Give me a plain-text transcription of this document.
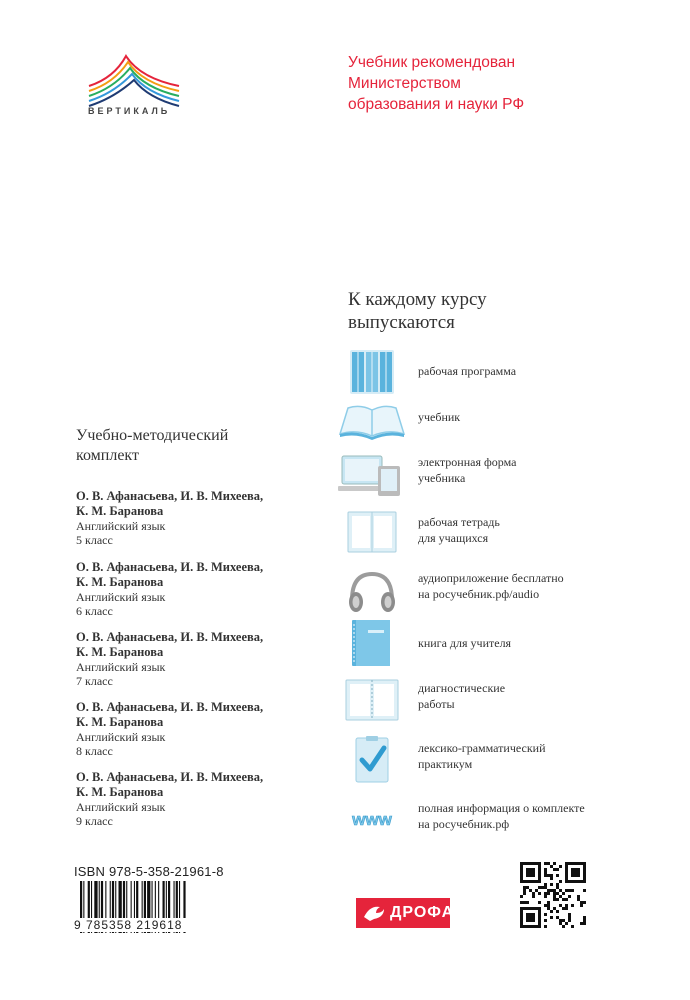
ВЕРТИКАЛЬ
Учебник рекомендован
Министерством
образования и науки РФ
К каждому курсу
выпускаются
рабочая программа
учебник
электронная форма
учебника
рабочая тетрадь
для учащихся
аудиоприложение бесплатно
на росучебник.рф/audio
книга для учителя
диагностические
работы
лексико-грамматический
практикум
www
полная информация о комплекте
на росучебник.рф
Учебно-методический
комплект
О. В. Афанасьева, И. В. Михеева,
К. М. Баранова
Английский язык
5 класс
О. В. Афанасьева, И. В. Михеева,
К. М. Баранова
Английский язык
6 класс
О. В. Афанасьева, И. В. Михеева,
К. М. Баранова
Английский язык
7 класс
О. В. Афанасьева, И. В. Михеева,
К. М. Баранова
Английский язык
8 класс
О. В. Афанасьева, И. В. Михеева,
К. М. Баранова
Английский язык
9 класс
ISBN 978-5-358-21961-8
9 785358 219618
ДРОФА
